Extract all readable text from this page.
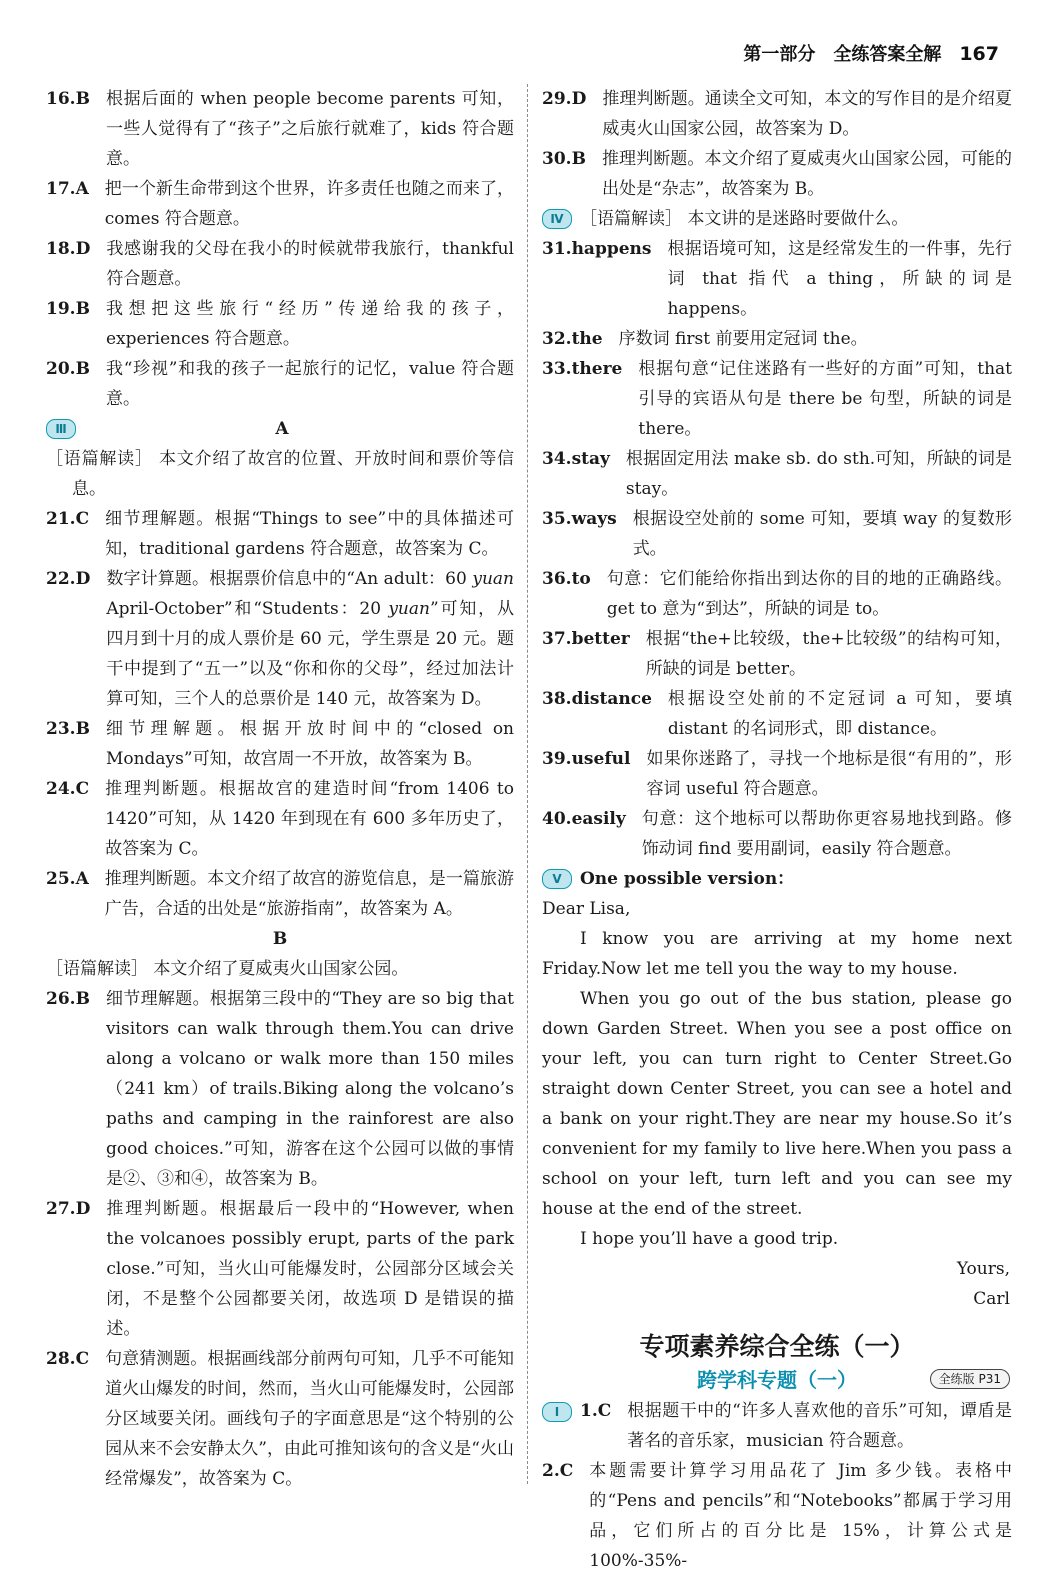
第一部分 全练答案全解 167
16.B 根据后面的 when people become parents 可知，一些人觉得有了“孩子”之后旅行就难了，kids 符合题意。
17.A 把一个新生命带到这个世界，许多责任也随之而来了，comes 符合题意。
18.D 我感谢我的父母在我小的时候就带我旅行，thankful 符合题意。
19.B 我想把这些旅行“经历”传递给我的孩子，experiences 符合题意。
20.B 我“珍视”和我的孩子一起旅行的记忆，value 符合题意。
Ⅲ	A
［语篇解读］ 本文介绍了故宫的位置、开放时间和票价等信息。
21.C 细节理解题。根据“Things to see”中的具体描述可知，traditional gardens 符合题意，故答案为 C。
22.D 数字计算题。根据票价信息中的“An adult：60 yuan April-October”和“Students：20 yuan”可知，从四月到十月的成人票价是 60 元，学生票是 20 元。题干中提到了“五一”以及“你和你的父母”，经过加法计算可知，三个人的总票价是 140 元，故答案为 D。
23.B 细节理解题。根据开放时间中的“closed on Mondays”可知，故宫周一不开放，故答案为 B。
24.C 推理判断题。根据故宫的建造时间“from 1406 to 1420”可知，从 1420 年到现在有 600 多年历史了，故答案为 C。
25.A 推理判断题。本文介绍了故宫的游览信息，是一篇旅游广告，合适的出处是“旅游指南”，故答案为 A。
B
［语篇解读］ 本文介绍了夏威夷火山国家公园。
26.B 细节理解题。根据第三段中的“They are so big that visitors can walk through them.You can drive along a volcano or walk more than 150 miles（241 km）of trails.Biking along the volcano’s paths and camping in the rainforest are also good choices.”可知，游客在这个公园可以做的事情是②、③和④，故答案为 B。
27.D 推理判断题。根据最后一段中的“However, when the volcanoes possibly erupt, parts of the park close.”可知，当火山可能爆发时，公园部分区域会关闭，不是整个公园都要关闭，故选项 D 是错误的描述。
28.C 句意猜测题。根据画线部分前两句可知，几乎不可能知道火山爆发的时间，然而，当火山可能爆发时，公园部分区域要关闭。画线句子的字面意思是“这个特别的公园从来不会安静太久”，由此可推知该句的含义是“火山经常爆发”，故答案为 C。
29.D 推理判断题。通读全文可知，本文的写作目的是介绍夏威夷火山国家公园，故答案为 D。
30.B 推理判断题。本文介绍了夏威夷火山国家公园，可能的出处是“杂志”，故答案为 B。
Ⅳ ［语篇解读］ 本文讲的是迷路时要做什么。
31.happens 根据语境可知，这是经常发生的一件事，先行词 that 指代 a thing，所缺的词是 happens。
32.the 序数词 first 前要用定冠词 the。
33.there 根据句意“记住迷路有一些好的方面”可知，that 引导的宾语从句是 there be 句型，所缺的词是 there。
34.stay 根据固定用法 make sb. do sth.可知，所缺的词是 stay。
35.ways 根据设空处前的 some 可知，要填 way 的复数形式。
36.to 句意：它们能给你指出到达你的目的地的正确路线。get to 意为“到达”，所缺的词是 to。
37.better 根据“the+比较级，the+比较级”的结构可知，所缺的词是 better。
38.distance 根据设空处前的不定冠词 a 可知，要填 distant 的名词形式，即 distance。
39.useful 如果你迷路了，寻找一个地标是很“有用的”，形容词 useful 符合题意。
40.easily 句意：这个地标可以帮助你更容易地找到路。修饰动词 find 要用副词，easily 符合题意。
Ⅴ	One possible version：

Dear Lisa,

I know you are arriving at my home next Friday.Now let me tell you the way to my house.

When you go out of the bus station, please go down Garden Street. When you see a post office on your left, you can turn right to Center Street.Go straight down Center Street, you can see a hotel and a bank on your right.They are near my house.So it’s convenient for my family to live here.When you pass a school on your left, turn left and you can see my house at the end of the street.

I hope you’ll have a good trip.

Yours,
Carl
专项素养综合全练（一）
跨学科专题（一）	全练版 P31
Ⅰ	1.C 根据题干中的“许多人喜欢他的音乐”可知，谭盾是著名的音乐家，musician 符合题意。
2.C 本题需要计算学习用品花了 Jim 多少钱。表格中的“Pens and pencils”和“Notebooks”都属于学习用品，它们所占的百分比是 15%，计算公式是 100%-35%-
